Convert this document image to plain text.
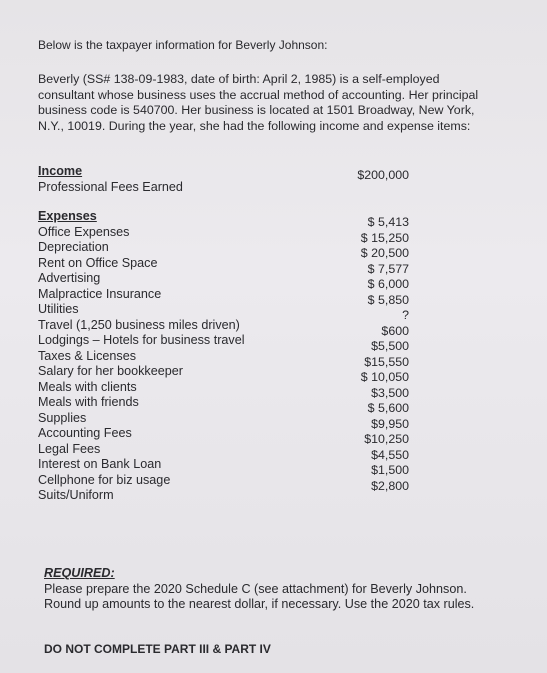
Below is the taxpayer information for Beverly Johnson:
Beverly (SS# 138-09-1983, date of birth: April 2, 1985) is a self-employed
consultant whose business uses the accrual method of accounting. Her principal
business code is 540700. Her business is located at 1501 Broadway, New York,
N.Y., 10019. During the year, she had the following income and expense items:
Income
Professional Fees Earned
$200,000
Expenses
Office Expenses
Depreciation
Rent on Office Space
Advertising
Malpractice Insurance
Utilities
Travel (1,250 business miles driven)
Lodgings – Hotels for business travel
Taxes & Licenses
Salary for her bookkeeper
Meals with clients
Meals with friends
Supplies
Accounting Fees
Legal Fees
Interest on Bank Loan
Cellphone for biz usage
Suits/Uniform
$ 5,413
$ 15,250
$ 20,500
$ 7,577
$ 6,000
$ 5,850
?
$600
$5,500
$15,550
$ 10,050
$3,500
$ 5,600
$9,950
$10,250
$4,550
$1,500
$2,800
REQUIRED:
Please prepare the 2020 Schedule C (see attachment) for Beverly Johnson.
Round up amounts to the nearest dollar, if necessary. Use the 2020 tax rules.
DO NOT COMPLETE PART III & PART IV
